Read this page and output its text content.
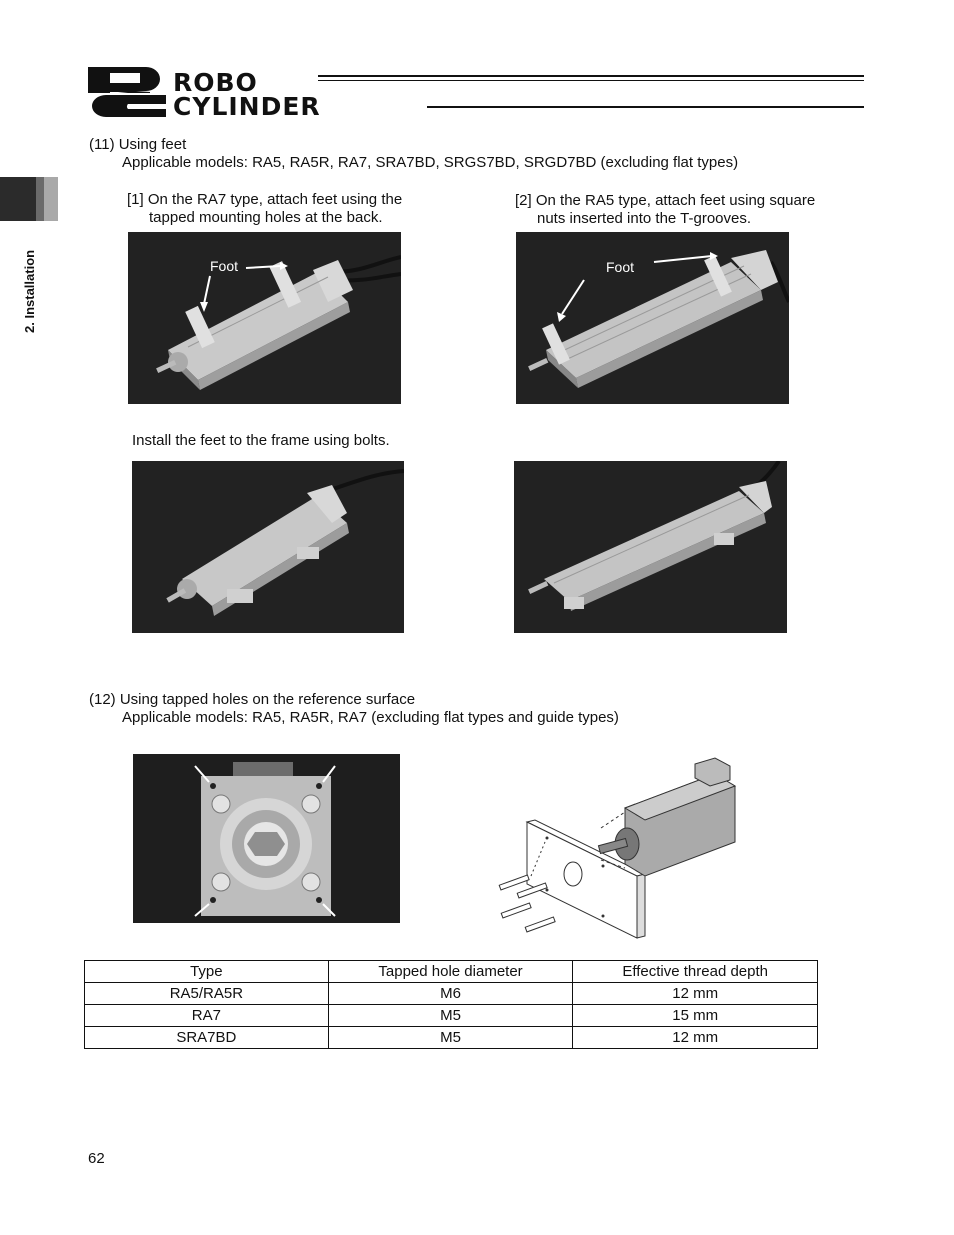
ROBO
CYLINDER
2. Installation
(11) Using feet
Applicable models: RA5, RA5R, RA7, SRA7BD, SRGS7BD, SRGD7BD (excluding flat types)
[1] On the RA7 type, attach feet using the
tapped mounting holes at the back.
[2] On the RA5 type, attach feet using square
nuts inserted into the T-grooves.
Foot	Foot
Install the feet to the frame using bolts.
(12) Using tapped holes on the reference surface
Applicable models: RA5, RA5R, RA7 (excluding flat types and guide types)
Type	Tapped hole diameter	Effective thread depth
RA5/RA5R	M6	12 mm
RA7	M5	15 mm
SRA7BD	M5	12 mm
62
